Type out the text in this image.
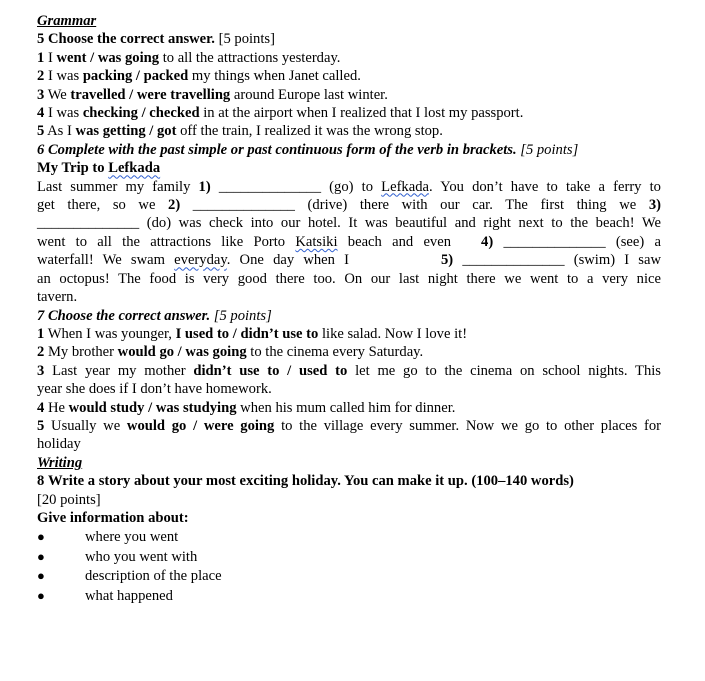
Grammar
5 Choose the correct answer. [5 points]
1 I went / was going to all the attractions yesterday.
2 I was packing / packed my things when Janet called.
3 We travelled / were travelling around Europe last winter.
4 I was checking / checked in at the airport when I realized that I lost my passport.
5 As I was getting / got off the train, I realized it was the wrong stop.
6 Complete with the past simple or past continuous form of the verb in brackets. [5 points]
My Trip to Lefkada
Last summer my family 1) ______________ (go) to Lefkada. You don’t have to take a ferry to
get there, so we 2) ______________ (drive) there with our car. The first thing we 3)
______________ (do) was check into our hotel. It was beautiful and right next to the beach! We
went to all the attractions like Porto Katsiki beach and even 4) ______________ (see) a
waterfall! We swam everyday. One day when I	5) ______________ (swim) I saw
an octopus! The food is very good there too. On our last night there we went to a very nice
tavern.
7 Choose the correct answer. [5 points]
1 When I was younger, I used to / didn’t use to like salad. Now I love it!
2 My brother would go / was going to the cinema every Saturday.
3 Last year my mother didn’t use to / used to let me go to the cinema on school nights. This
year she does if I don’t have homework.
4 He would study / was studying when his mum called him for dinner.
5 Usually we would go / were going to the village every summer. Now we go to other places for
holiday
Writing
8 Write a story about your most exciting holiday. You can make it up. (100–140 words)
[20 points]
Give information about:
●	where you went
●	who you went with
●	description of the place
●	what happened
